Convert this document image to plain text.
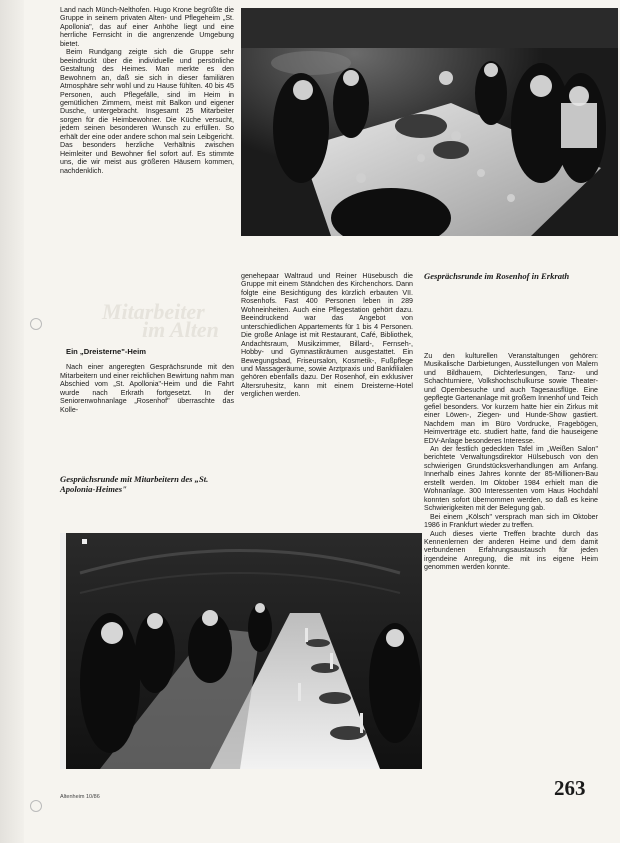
Mitarbeiter
im Alten

Land nach Münch-Nelthofen. Hugo Krone begrüßte die Gruppe in seinem privaten Alten- und Pflegeheim „St. Apollonia", das auf einer Anhöhe liegt und eine herrliche Fernsicht in die angrenzende Umgebung bietet.

Beim Rundgang zeigte sich die Gruppe sehr beeindruckt über die individuelle und persönliche Gestaltung des Heimes. Man merkte es den Bewohnern an, daß sie sich in dieser familiären Atmosphäre sehr wohl und zu Hause fühlten. 40 bis 45 Personen, auch Pflegefälle, sind im Heim in gemütlichen Zimmern, meist mit Balkon und eigener Dusche, untergebracht. Insgesamt 25 Mitarbeiter sorgen für die Heimbewohner. Die Küche versucht, jedem seinen besonderen Wunsch zu erfüllen. So erhält der eine oder andere schon mal sein Leibgericht. Das besonders herzliche Verhältnis zwischen Heimleiter und Bewohner fiel sofort auf. Es stimmte uns, die wir meist aus größeren Häusern kommen, nachdenklich.

Ein „Dreisterne"-Heim

Nach einer angeregten Gesprächsrunde mit den Mitarbeitern und einer reichlichen Bewirtung nahm man Abschied vom „St. Apollonia"-Heim und die Fahrt wurde nach Erkrath fortgesetzt. In der Seniorenwohnanlage „Rosenhof" überraschte das Kolle-

Gesprächsrunde mit Mitarbeitern des „St. Apolonia-Heimes"

genehepaar Waltraud und Reiner Hüsebusch die Gruppe mit einem Ständchen des Kirchenchors. Dann folgte eine Besichtigung des kürzlich erbauten VII. Rosenhofs. Fast 400 Personen leben in 289 Wohneinheiten. Auch eine Pflegestation gehört dazu. Beeindruckend war das Angebot von unterschiedlichen Appartements für 1 bis 4 Personen. Die große Anlage ist mit Restaurant, Café, Bibliothek, Andachtsraum, Musikzimmer, Billard-, Fernseh-, Hobby- und Gymnastikräumen ausgestattet. Ein Bewegungsbad, Friseursalon, Kosmetik-, Fußpflege und Massageräume, sowie Arztpraxis und Bankfilialen gehören ebenfalls dazu. Der Rosenhof, ein exklusiver Altersruhesitz, kann mit einem Dreisterne-Hotel verglichen werden.

Gesprächsrunde im Rosenhof in Erkrath

Zu den kulturellen Veranstaltungen gehören: Musikalische Darbietungen, Ausstellungen von Malern und Bildhauern, Dichterlesungen, Tanz- und Schachturniere, Volkshochschulkurse sowie Theater- und Opernbesuche und auch Tagesausflüge. Eine gepflegte Gartenanlage mit großem Innenhof und Teich gefiel besonders. Vor kurzem hatte hier ein Zirkus mit einer Löwen-, Ziegen- und Hunde-Show gastiert. Nachdem man im Büro Vordrucke, Fragebögen, Heimverträge etc. studiert hatte, fand die hauseigene EDV-Anlage besonderes Interesse.

An der festlich gedeckten Tafel im „Weißen Salon" berichtete Verwaltungsdirektor Hülsebusch von den schwierigen Grundstücksverhandlungen am Anfang. Innerhalb eines Jahres konnte der 85-Millionen-Bau erstellt werden. Im Oktober 1984 erhielt man die Wohnanlage. 300 Interessenten vom Haus Hochdahl konnten sofort übernommen werden, so daß es keine Schwierigkeiten mit der Belegung gab.

Bei einem „Kölsch" versprach man sich im Oktober 1986 in Frankfurt wieder zu treffen.

Auch dieses vierte Treffen brachte durch das Kennenlernen der anderen Heime und dem damit verbundenen Erfahrungsaustausch für jeden irgendeine Anregung, die mit ins eigene Heim genommen werden konnte.

Altenheim 10/86	263
